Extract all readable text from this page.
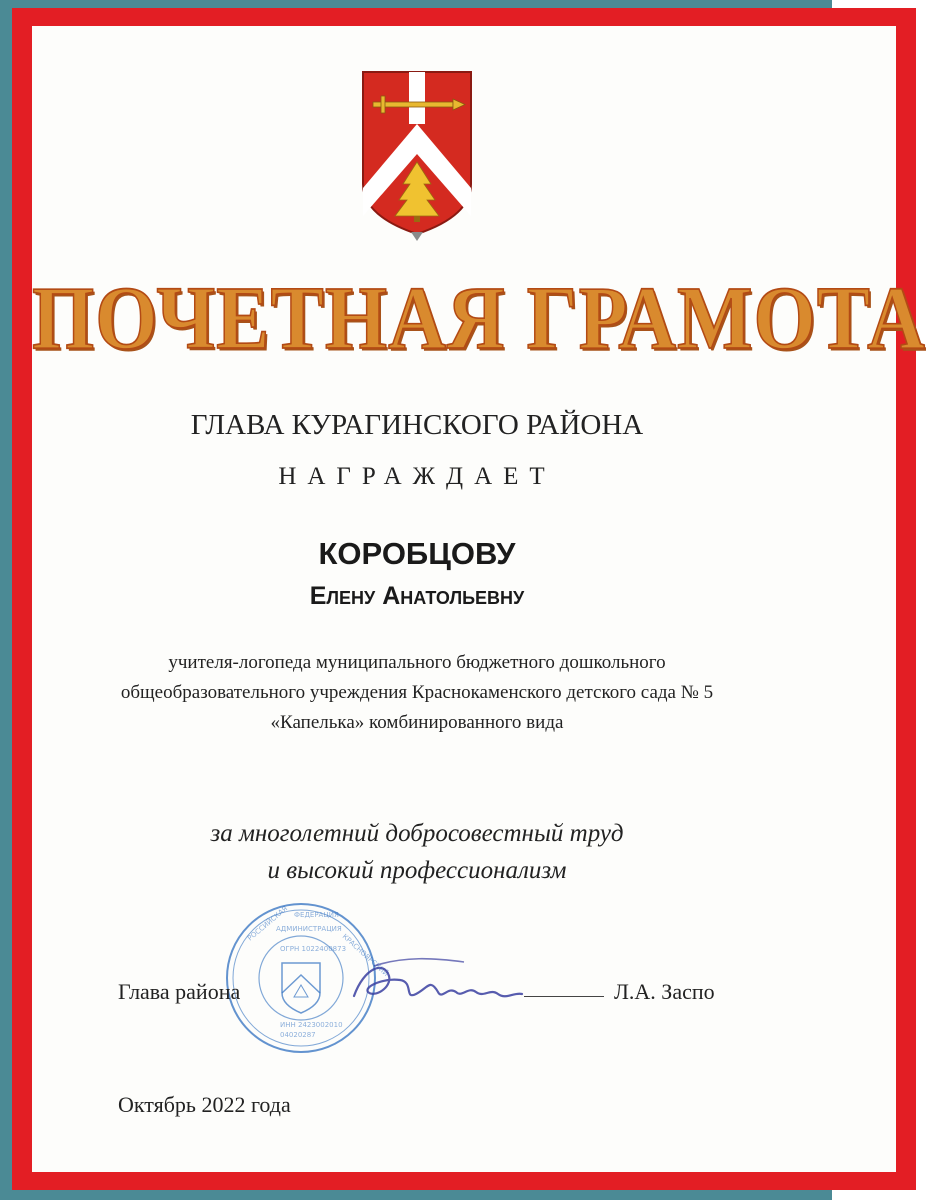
ПОЧЕТНАЯ ГРАМОТА
ГЛАВА КУРАГИНСКОГО РАЙОНА
НАГРАЖДАЕТ
КОРОБЦОВУ
Елену Анатольевну
учителя-логопеда муниципального бюджетного дошкольного
общеобразовательного учреждения Краснокаменского детского сада № 5
«Капелька» комбинированного вида
за многолетний добросовестный труд
и высокий профессионализм
РОССИЙСКАЯ ФЕДЕРАЦИЯ
КРАСНОЯРСКИЙ
АДМИНИСТРАЦИЯ
ОГРН 1022400873
ИНН 2423002010
04020287
Глава района	Л.А. Заспо
Октябрь 2022 года
